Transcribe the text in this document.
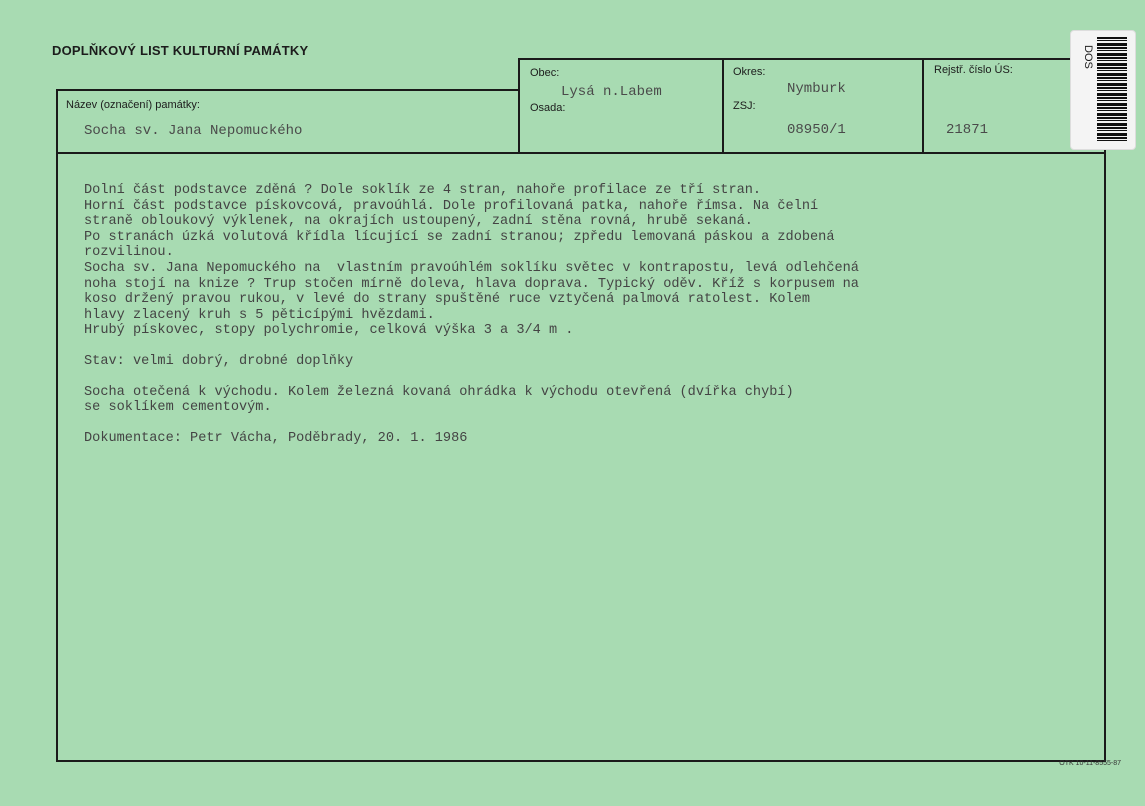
DOPLŇKOVÝ LIST KULTURNÍ PAMÁTKY
Název (označení) památky:
Obec:
Osada:
Okres:
ZSJ:
Rejstř. číslo ÚS:
Socha sv. Jana Nepomuckého
Lysá n.Labem	Nymburk
08950/1	21871

Dolní část podstavce zděná ? Dole soklík ze 4 stran, nahoře profilace ze tří stran.

Horní část podstavce pískovcová, pravoúhlá. Dole profilovaná patka, nahoře římsa. Na čelní

straně obloukový výklenek, na okrajích ustoupený, zadní stěna rovná, hrubě sekaná.

Po stranách úzká volutová křídla lícující se zadní stranou; zpředu lemovaná páskou a zdobená

rozvilinou.

Socha sv. Jana Nepomuckého na  vlastním pravoúhlém soklíku světec v kontrapostu, levá odlehčená

noha stojí na knize ? Trup stočen mírně doleva, hlava doprava. Typický oděv. Kříž s korpusem na

koso držený pravou rukou, v levé do strany spuštěné ruce vztyčená palmová ratolest. Kolem

hlavy zlacený kruh s 5 pěticípými hvězdami.

Hrubý pískovec, stopy polychromie, celková výška 3 a 3/4 m .

Stav: velmi dobrý, drobné doplňky

Socha otečená k východu. Kolem železná kovaná ohrádka k východu otevřená (dvířka chybí)

se soklíkem cementovým.

Dokumentace: Petr Vácha, Poděbrady, 20. 1. 1986

DOS
OTK 10-11-8555-87
